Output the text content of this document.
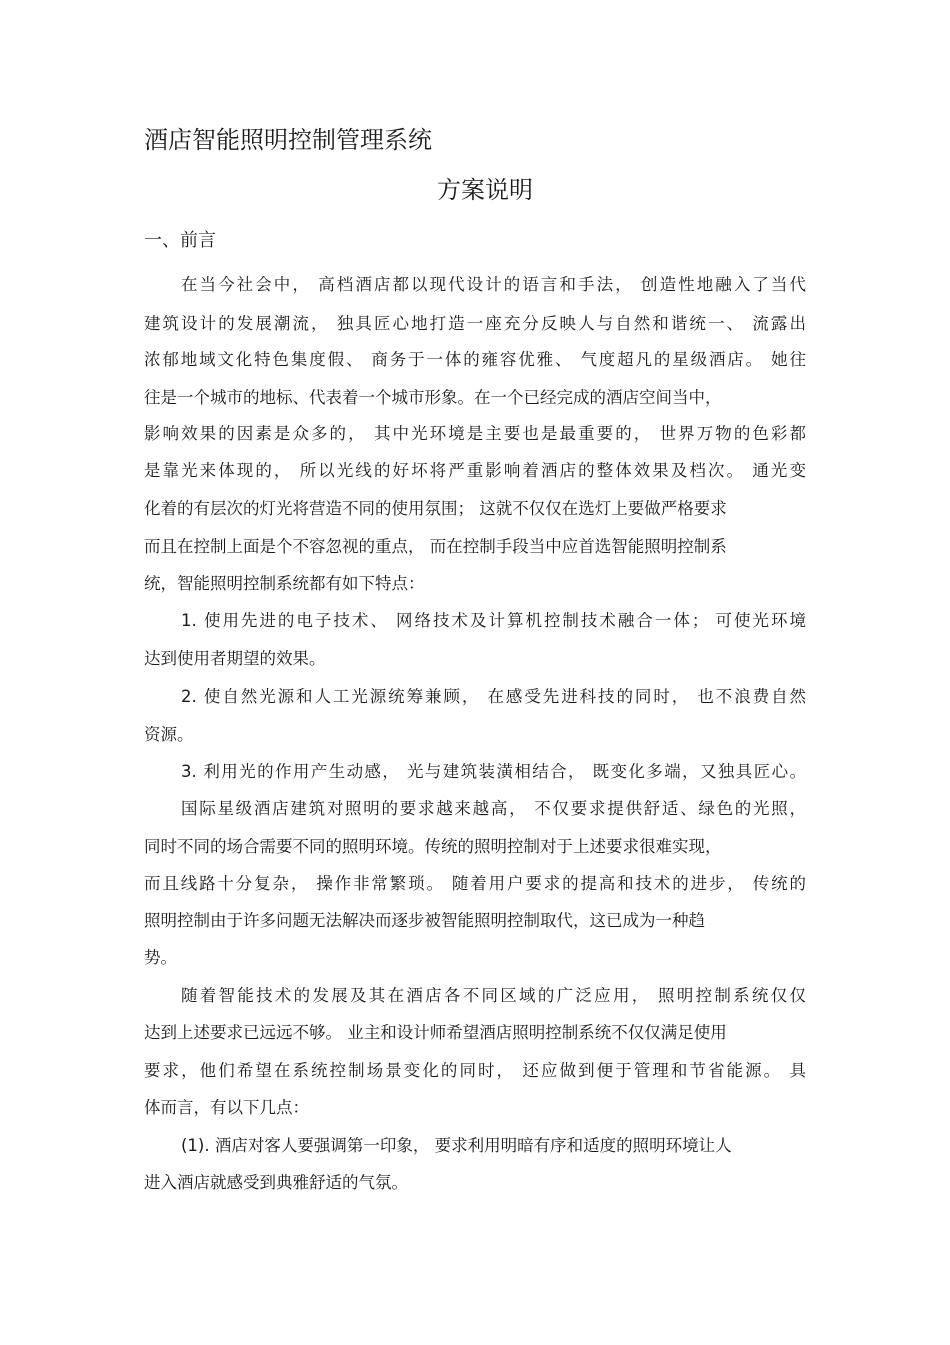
酒店智能照明控制管理系统
方案说明
一、前言
在当今社会中， 高档酒店都以现代设计的语言和手法， 创造性地融入了当代
建筑设计的发展潮流， 独具匠心地打造一座充分反映人与自然和谐统一、 流露出
浓郁地域文化特色集度假、 商务于一体的雍容优雅、 气度超凡的星级酒店。 她往
往是一个城市的地标、代表着一个城市形象。在一个已经完成的酒店空间当中，
影响效果的因素是众多的， 其中光环境是主要也是最重要的， 世界万物的色彩都
是靠光来体现的， 所以光线的好坏将严重影响着酒店的整体效果及档次。 通光变
化着的有层次的灯光将营造不同的使用氛围； 这就不仅仅在选灯上要做严格要求
而且在控制上面是个不容忽视的重点， 而在控制手段当中应首选智能照明控制系
统，智能照明控制系统都有如下特点：
1. 使用先进的电子技术、 网络技术及计算机控制技术融合一体； 可使光环境
达到使用者期望的效果。
2. 使自然光源和人工光源统筹兼顾， 在感受先进科技的同时， 也不浪费自然
资源。
3. 利用光的作用产生动感， 光与建筑装潢相结合， 既变化多端，又独具匠心。
国际星级酒店建筑对照明的要求越来越高， 不仅要求提供舒适、绿色的光照，
同时不同的场合需要不同的照明环境。传统的照明控制对于上述要求很难实现，
而且线路十分复杂， 操作非常繁琐。 随着用户要求的提高和技术的进步， 传统的
照明控制由于许多问题无法解决而逐步被智能照明控制取代，这已成为一种趋
势。
随着智能技术的发展及其在酒店各不同区域的广泛应用， 照明控制系统仅仅
达到上述要求已远远不够。 业主和设计师希望酒店照明控制系统不仅仅满足使用
要求，他们希望在系统控制场景变化的同时， 还应做到便于管理和节省能源。 具
体而言，有以下几点：
(1). 酒店对客人要强调第一印象， 要求利用明暗有序和适度的照明环境让人
进入酒店就感受到典雅舒适的气氛。
